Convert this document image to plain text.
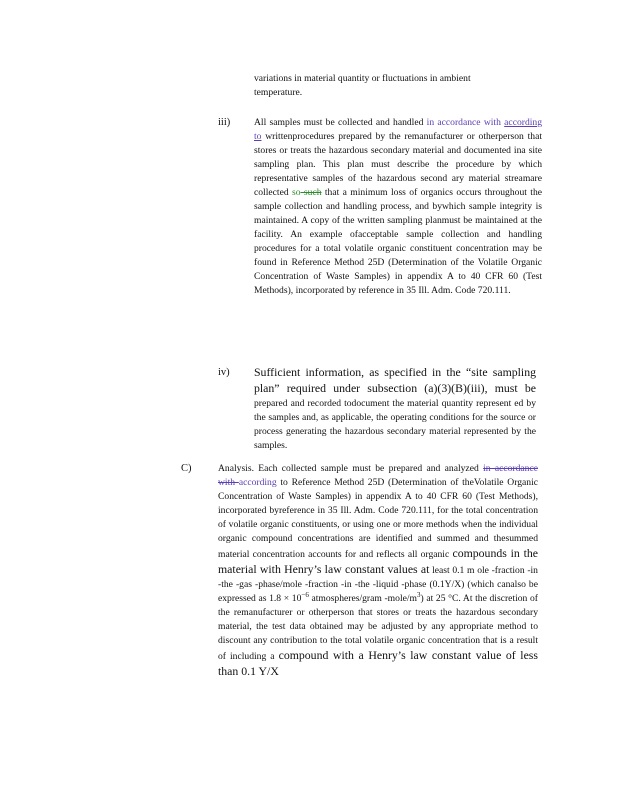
variations in material quantity or fluctuations in ambient
temperature.
iii) All samples must be collected and handled in accordance with according to writtenprocedures prepared by the remanufacturer or otherperson that stores or treats the hazardous secondary material and documented ina site sampling plan. This plan must describe the procedure by which representative samples of the hazardous second ary material streamare collected so such that a minimum loss of organics occurs throughout the sample collection and handling process, and bywhich sample integrity is maintained. A copy of the written sampling planmust be maintained at the facility. An example ofacceptable sample collection and handling procedures for a total volatile organic constituent concentration may be found in Reference Method 25D (Determination of the Volatile Organic Concentration of Waste Samples) in appendix A to 40 CFR 60 (Test Methods), incorporated by reference in 35 Ill. Adm. Code 720.111.
iv) Sufficient information, as specified in the “site sampling plan” required under subsection (a)(3)(B)(iii), must be prepared and recorded todocument the material quantity represent ed by the samples and, as applicable, the operating conditions for the source or process generating the hazardous secondary material represented by the samples.
C)	Analysis. Each collected sample must be prepared and analyzed in accordance with according to Reference Method 25D (Determination of theVolatile Organic Concentration of Waste Samples) in appendix A to 40 CFR 60 (Test Methods), incorporated byreference in 35 Ill. Adm. Code 720.111, for the total concentration of volatile organic constituents, or using one or more methods when the individual organic compound concentrations are identified and summed and thesummed material concentration accounts for and reflects all organic compounds in the material with Henry’s law constant values at least 0.1 m ole -fraction -in -the -gas -phase/mole -fraction -in -the -liquid -phase (0.1Y/X) (which canalso be expressed as $1.8 \times 10^{-6}$ atmospheres/gram $-mole/m^3$) at 25 °C. At the discretion of the remanufacturer or otherperson that stores or treats the hazardous secondary material, the test data obtained may be adjusted by any appropriate method to discount any contribution to the total volatile organic concentration that is a result of including a compound with a Henry’s law constant value of less than 0.1 Y/X
